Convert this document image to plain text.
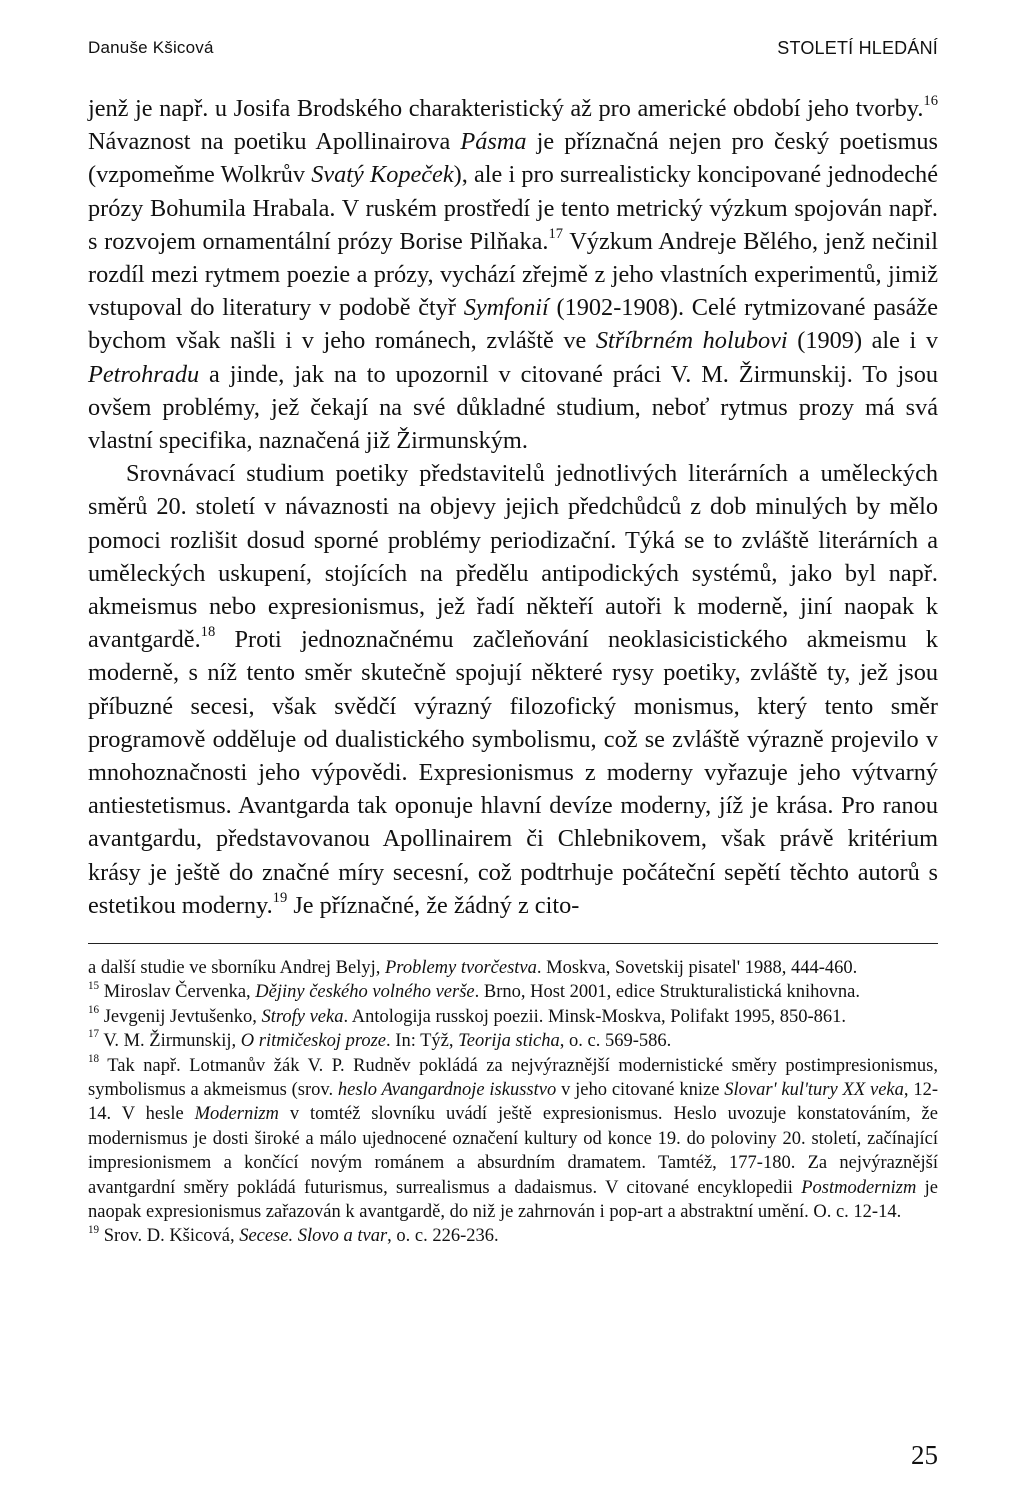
Danuše Kšicová	STOLETÍ HLEDÁNÍ

jenž je např. u Josifa Brodského charakteristický až pro americké období jeho tvorby.$^{16}$ Návaznost na poetiku Apollinairova Pásma je příznačná nejen pro český poetismus (vzpomeňme Wolkrův Svatý Kopeček), ale i pro surrealisticky koncipované jednodeché prózy Bohumila Hrabala. V ruském prostředí je tento metrický výzkum spojován např. s rozvojem ornamentální prózy Borise Pilňaka.$^{17}$ Výzkum Andreje Bělého, jenž nečinil rozdíl mezi rytmem poezie a prózy, vychází zřejmě z jeho vlastních experimentů, jimiž vstupoval do literatury v podobě čtyř Symfonií (1902-1908). Celé rytmizované pasáže bychom však našli i v jeho románech, zvláště ve Stříbrném holubovi (1909) ale i v Petrohradu a jinde, jak na to upozornil v citované práci V. M. Žirmunskij. To jsou ovšem problémy, jež čekají na své důkladné studium, neboť rytmus prozy má svá vlastní specifika, naznačená již Žirmunským.

Srovnávací studium poetiky představitelů jednotlivých literárních a uměleckých směrů 20. století v návaznosti na objevy jejich předchůdců z dob minulých by mělo pomoci rozlišit dosud sporné problémy periodizační. Týká se to zvláště literárních a uměleckých uskupení, stojících na předělu antipodických systémů, jako byl např. akmeismus nebo expresionismus, jež řadí někteří autoři k moderně, jiní naopak k avantgardě.$^{18}$ Proti jednoznačnému začleňování neoklasicistického akmeismu k moderně, s níž tento směr skutečně spojují některé rysy poetiky, zvláště ty, jež jsou příbuzné secesi, však svědčí výrazný filozofický monismus, který tento směr programově odděluje od dualistického symbolismu, což se zvláště výrazně projevilo v mnohoznačnosti jeho výpovědi. Expresionismus z moderny vyřazuje jeho výtvarný antiestetismus. Avantgarda tak oponuje hlavní devíze moderny, jíž je krása. Pro ranou avantgardu, představovanou Apollinairem či Chlebnikovem, však právě kritérium krásy je ještě do značné míry secesní, což podtrhuje počáteční sepětí těchto autorů s estetikou moderny.$^{19}$ Je příznačné, že žádný z cito-

a další studie ve sborníku Andrej Belyj, Problemy tvorčestva. Moskva, Sovetskij pisatel' 1988, 444-460.

$^{15}$ Miroslav Červenka, Dějiny českého volného verše. Brno, Host 2001, edice Strukturalistická knihovna.

$^{16}$ Jevgenij Jevtušenko, Strofy veka. Antologija russkoj poezii. Minsk-Moskva, Polifakt 1995, 850-861.

$^{17}$ V. M. Žirmunskij, O ritmičeskoj proze. In: Týž, Teorija sticha, o. c. 569-586.

$^{18}$ Tak např. Lotmanův žák V. P. Rudněv pokládá za nejvýraznější modernistické směry postimpresionismus, symbolismus a akmeismus (srov. heslo Avangardnoje iskusstvo v jeho citované knize Slovar' kul'tury XX veka, 12-14. V hesle Modernizm v tomtéž slovníku uvádí ještě expresionismus. Heslo uvozuje konstatováním, že modernismus je dosti široké a málo ujednocené označení kultury od konce 19. do poloviny 20. století, začínající impresionismem a končící novým románem a absurdním dramatem. Tamtéž, 177-180. Za nejvýraznější avantgardní směry pokládá futurismus, surrealismus a dadaismus. V citované encyklopedii Postmodernizm je naopak expresionismus zařazován k avantgardě, do niž je zahrnován i pop-art a abstraktní umění. O. c. 12-14.

$^{19}$ Srov. D. Kšicová, Secese. Slovo a tvar, o. c. 226-236.

25
